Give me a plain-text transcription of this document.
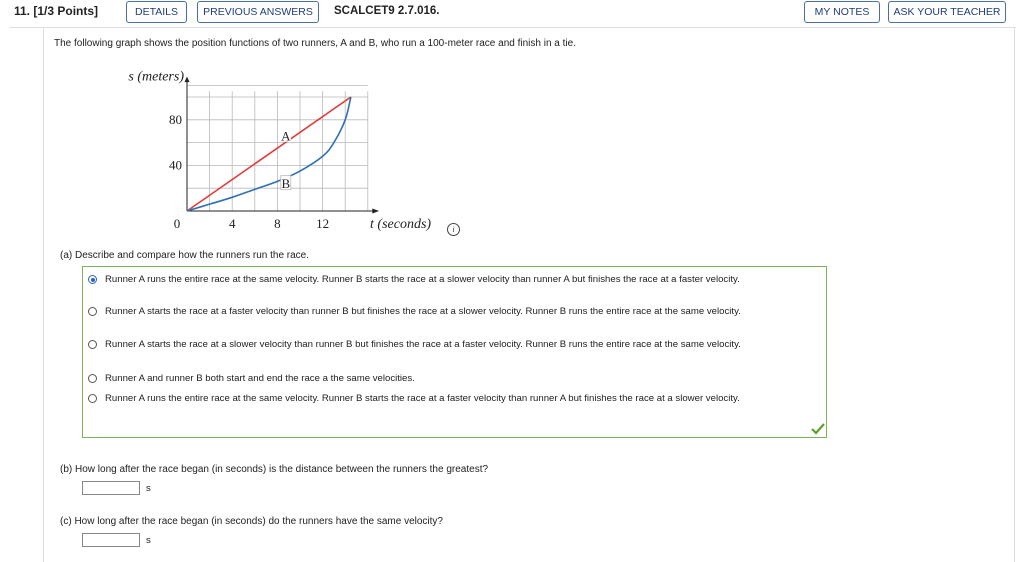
11. [1/3 Points]	DETAILS	PREVIOUS ANSWERS	SCALCET9 2.7.016.	MY NOTES	ASK YOUR TEACHER
The following graph shows the position functions of two runners, A and B, who run a 100-meter race and finish in a tie.
0	4	8	12
80
40
s (meters)
t (seconds)
A
B
i
(a) Describe and compare how the runners run the race.
Runner A runs the entire race at the same velocity. Runner B starts the race at a slower velocity than runner A but finishes the race at a faster velocity.
Runner A starts the race at a faster velocity than runner B but finishes the race at a slower velocity. Runner B runs the entire race at the same velocity.
Runner A starts the race at a slower velocity than runner B but finishes the race at a faster velocity. Runner B runs the entire race at the same velocity.
Runner A and runner B both start and end the race a the same velocities.
Runner A runs the entire race at the same velocity. Runner B starts the race at a faster velocity than runner A but finishes the race at a slower velocity.
(b) How long after the race began (in seconds) is the distance between the runners the greatest?
s
(c) How long after the race began (in seconds) do the runners have the same velocity?
s
